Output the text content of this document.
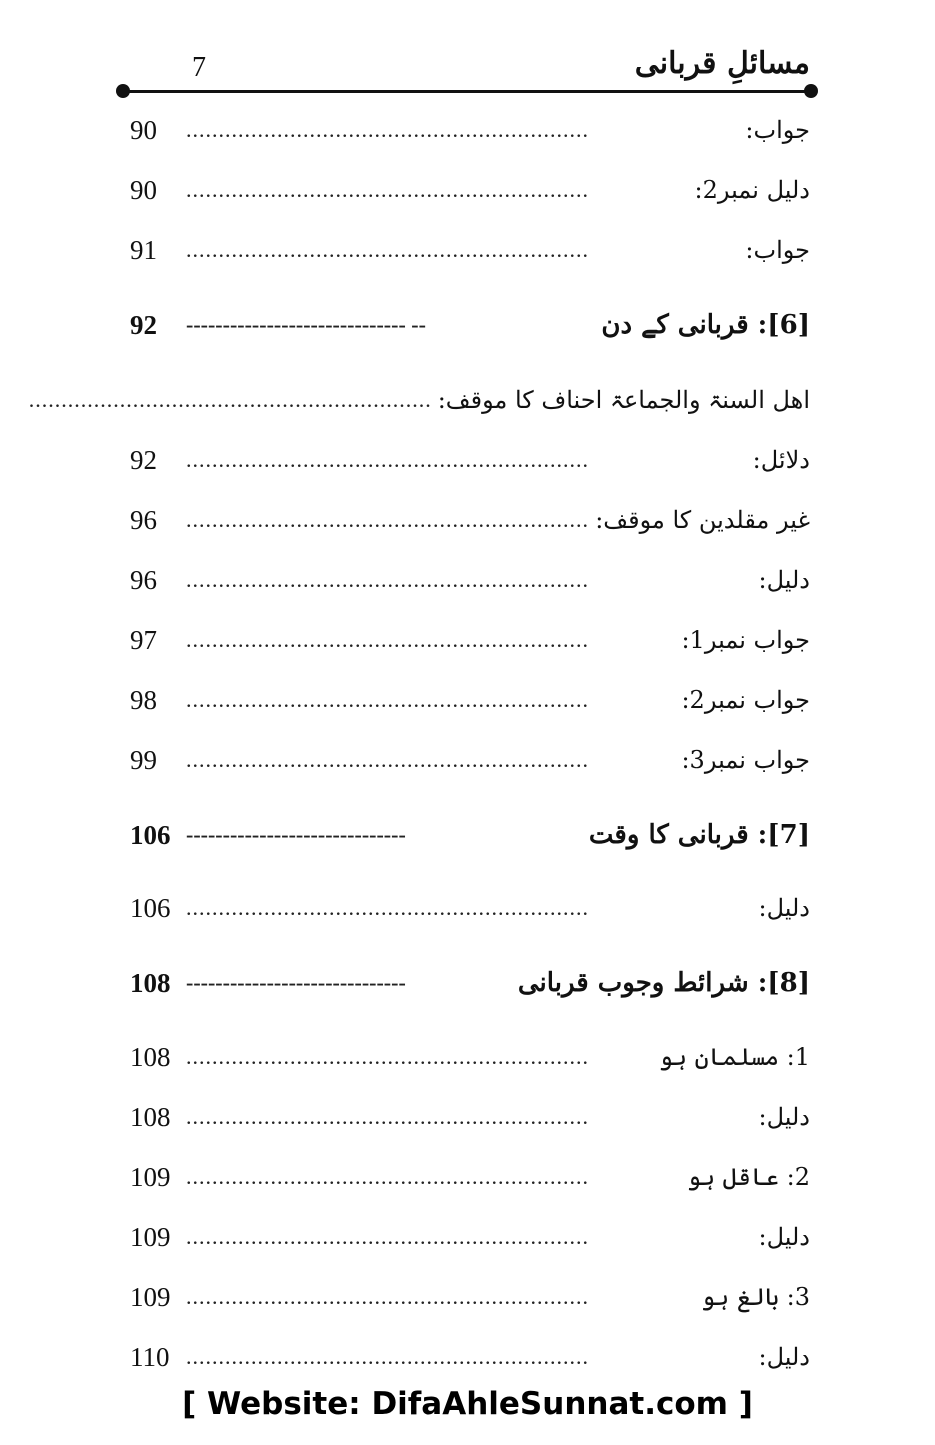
مسائلِ قربانی
7
جواب:
..............................................................
90
دلیل نمبر2:
..............................................................
90
جواب:
..............................................................
91
[6]: قربانی کے دن
------------------------------ --
92
اھل السنۃ والجماعۃ احناف کا موقف:
..............................................................
دلائل:
..............................................................
92
غیر مقلدین کا موقف:
..............................................................
96
دلیل:
..............................................................
96
جواب نمبر1:
..............................................................
97
جواب نمبر2:
..............................................................
98
جواب نمبر3:
..............................................................
99
[7]: قربانی کا وقت
------------------------------
106
دلیل:
..............................................................
106
[8]: شرائط وجوب قربانی
------------------------------
108
1: مسلمان ہو
..............................................................
108
دلیل:
..............................................................
108
2: عاقل ہو
..............................................................
109
دلیل:
..............................................................
109
3: بالغ ہو
..............................................................
109
دلیل:
..............................................................
110
[ Website: DifaAhleSunnat.com ]
